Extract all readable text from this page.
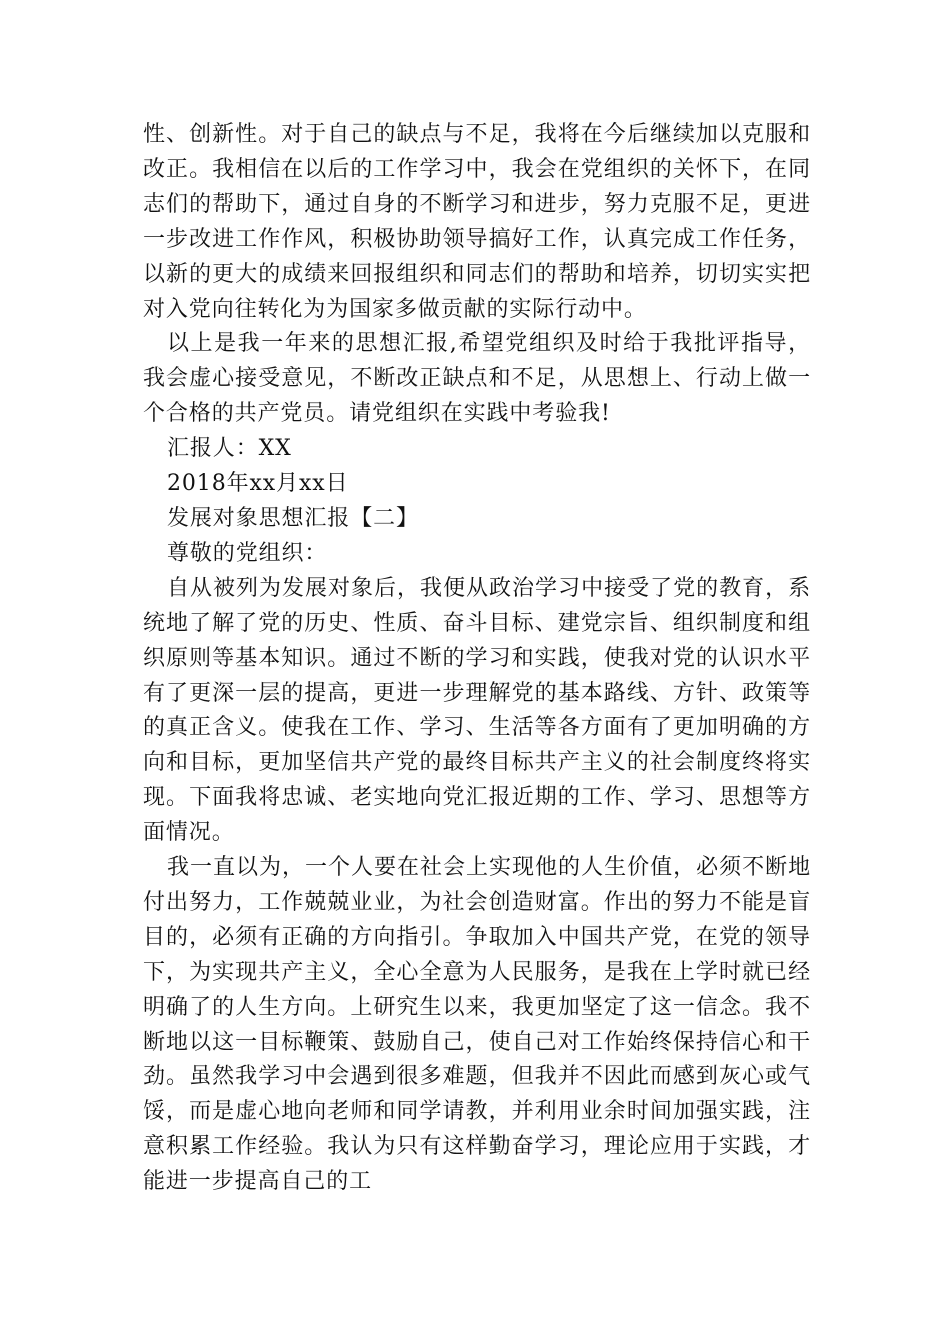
性、创新性。对于自己的缺点与不足，我将在今后继续加以克服和改正。我相信在以后的工作学习中，我会在党组织的关怀下，在同志们的帮助下，通过自身的不断学习和进步，努力克服不足，更进一步改进工作作风，积极协助领导搞好工作，认真完成工作任务，以新的更大的成绩来回报组织和同志们的帮助和培养，切切实实把对入党向往转化为为国家多做贡献的实际行动中。

以上是我一年来的思想汇报,希望党组织及时给于我批评指导，我会虚心接受意见，不断改正缺点和不足，从思想上、行动上做一个合格的共产党员。请党组织在实践中考验我!

汇报人：XX

2018年xx月xx日

发展对象思想汇报【二】

尊敬的党组织：

自从被列为发展对象后，我便从政治学习中接受了党的教育，系统地了解了党的历史、性质、奋斗目标、建党宗旨、组织制度和组织原则等基本知识。通过不断的学习和实践，使我对党的认识水平有了更深一层的提高，更进一步理解党的基本路线、方针、政策等的真正含义。使我在工作、学习、生活等各方面有了更加明确的方向和目标，更加坚信共产党的最终目标共产主义的社会制度终将实现。下面我将忠诚、老实地向党汇报近期的工作、学习、思想等方面情况。

我一直以为，一个人要在社会上实现他的人生价值，必须不断地付出努力，工作兢兢业业，为社会创造财富。作出的努力不能是盲目的，必须有正确的方向指引。争取加入中国共产党，在党的领导下，为实现共产主义，全心全意为人民服务，是我在上学时就已经明确了的人生方向。上研究生以来，我更加坚定了这一信念。我不断地以这一目标鞭策、鼓励自己，使自己对工作始终保持信心和干劲。虽然我学习中会遇到很多难题，但我并不因此而感到灰心或气馁，而是虚心地向老师和同学请教，并利用业余时间加强实践，注意积累工作经验。我认为只有这样勤奋学习，理论应用于实践，才能进一步提高自己的工
